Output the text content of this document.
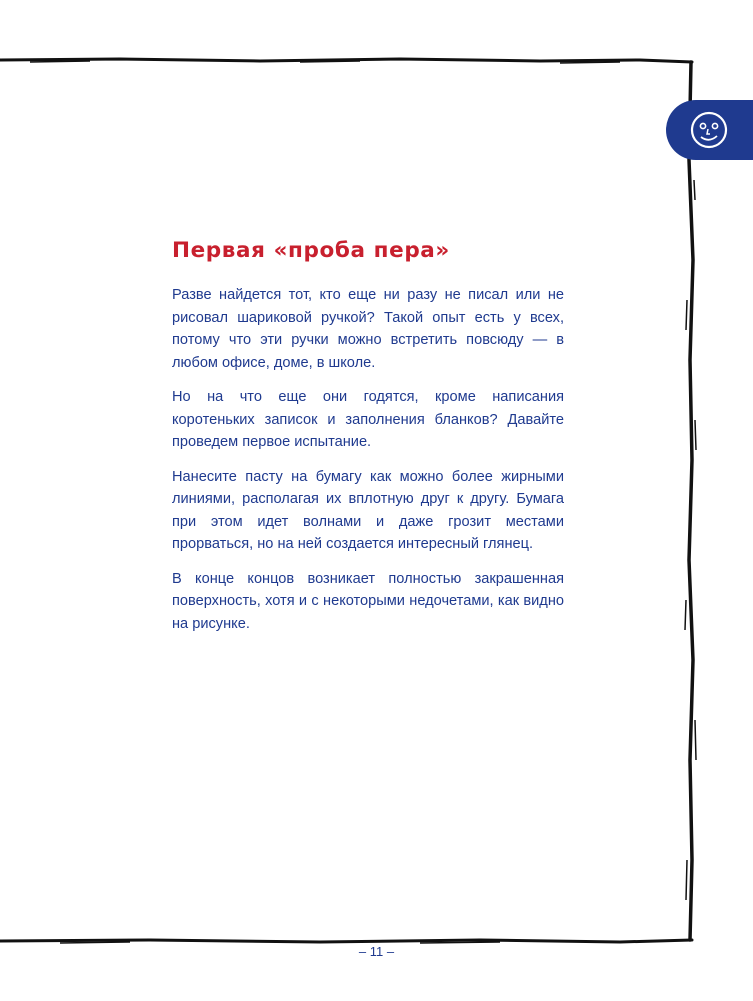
Первая «проба пера»

Разве найдется тот, кто еще ни разу не писал или не рисовал шариковой ручкой? Такой опыт есть у всех, потому что эти ручки можно встретить повсюду — в любом офисе, доме, в школе.

Но на что еще они годятся, кроме написания коротеньких записок и заполнения бланков? Давайте проведем первое испытание.

Нанесите пасту на бумагу как можно более жирными линиями, располагая их вплотную друг к другу. Бумага при этом идет волнами и даже грозит местами прорваться, но на ней создается интересный глянец.

В конце концов возникает полностью закрашенная поверхность, хотя и с некоторыми недочетами, как видно на рисунке.

– 11 –
